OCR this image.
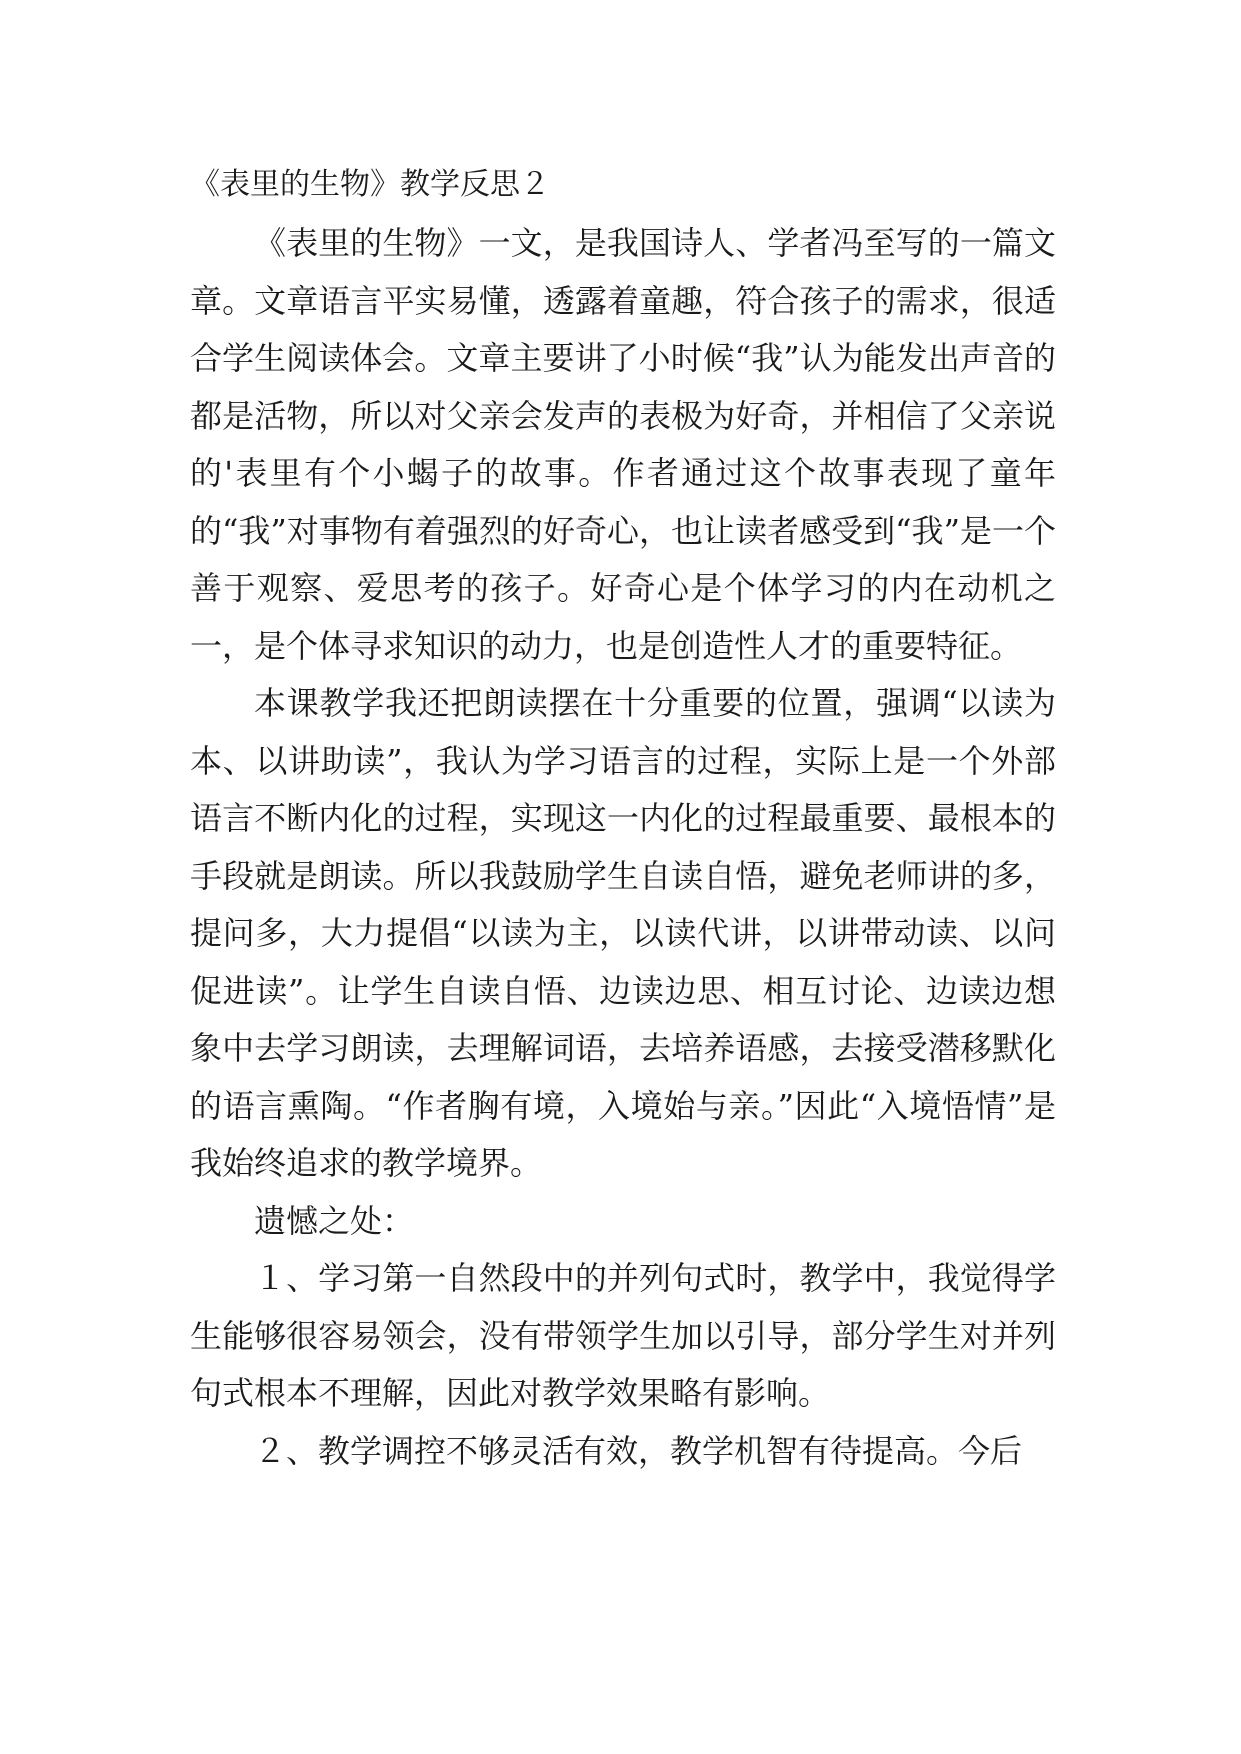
《表里的生物》教学反思２

《表里的生物》一文，是我国诗人、学者冯至写的一篇文章。文章语言平实易懂，透露着童趣，符合孩子的需求，很适合学生阅读体会。文章主要讲了小时候“我”认为能发出声音的都是活物，所以对父亲会发声的表极为好奇，并相信了父亲说的'表里有个小蝎子的故事。作者通过这个故事表现了童年的“我”对事物有着强烈的好奇心，也让读者感受到“我”是一个善于观察、爱思考的孩子。好奇心是个体学习的内在动机之一，是个体寻求知识的动力，也是创造性人才的重要特征。

本课教学我还把朗读摆在十分重要的位置，强调“以读为本、以讲助读”，我认为学习语言的过程，实际上是一个外部语言不断内化的过程，实现这一内化的过程最重要、最根本的手段就是朗读。所以我鼓励学生自读自悟，避免老师讲的多，提问多，大力提倡“以读为主，以读代讲，以讲带动读、以问促进读”。让学生自读自悟、边读边思、相互讨论、边读边想象中去学习朗读，去理解词语，去培养语感，去接受潜移默化的语言熏陶。“作者胸有境，入境始与亲。”因此“入境悟情”是我始终追求的教学境界。

遗憾之处：

１、学习第一自然段中的并列句式时，教学中，我觉得学生能够很容易领会，没有带领学生加以引导，部分学生对并列句式根本不理解，因此对教学效果略有影响。

２、教学调控不够灵活有效，教学机智有待提高。今后
